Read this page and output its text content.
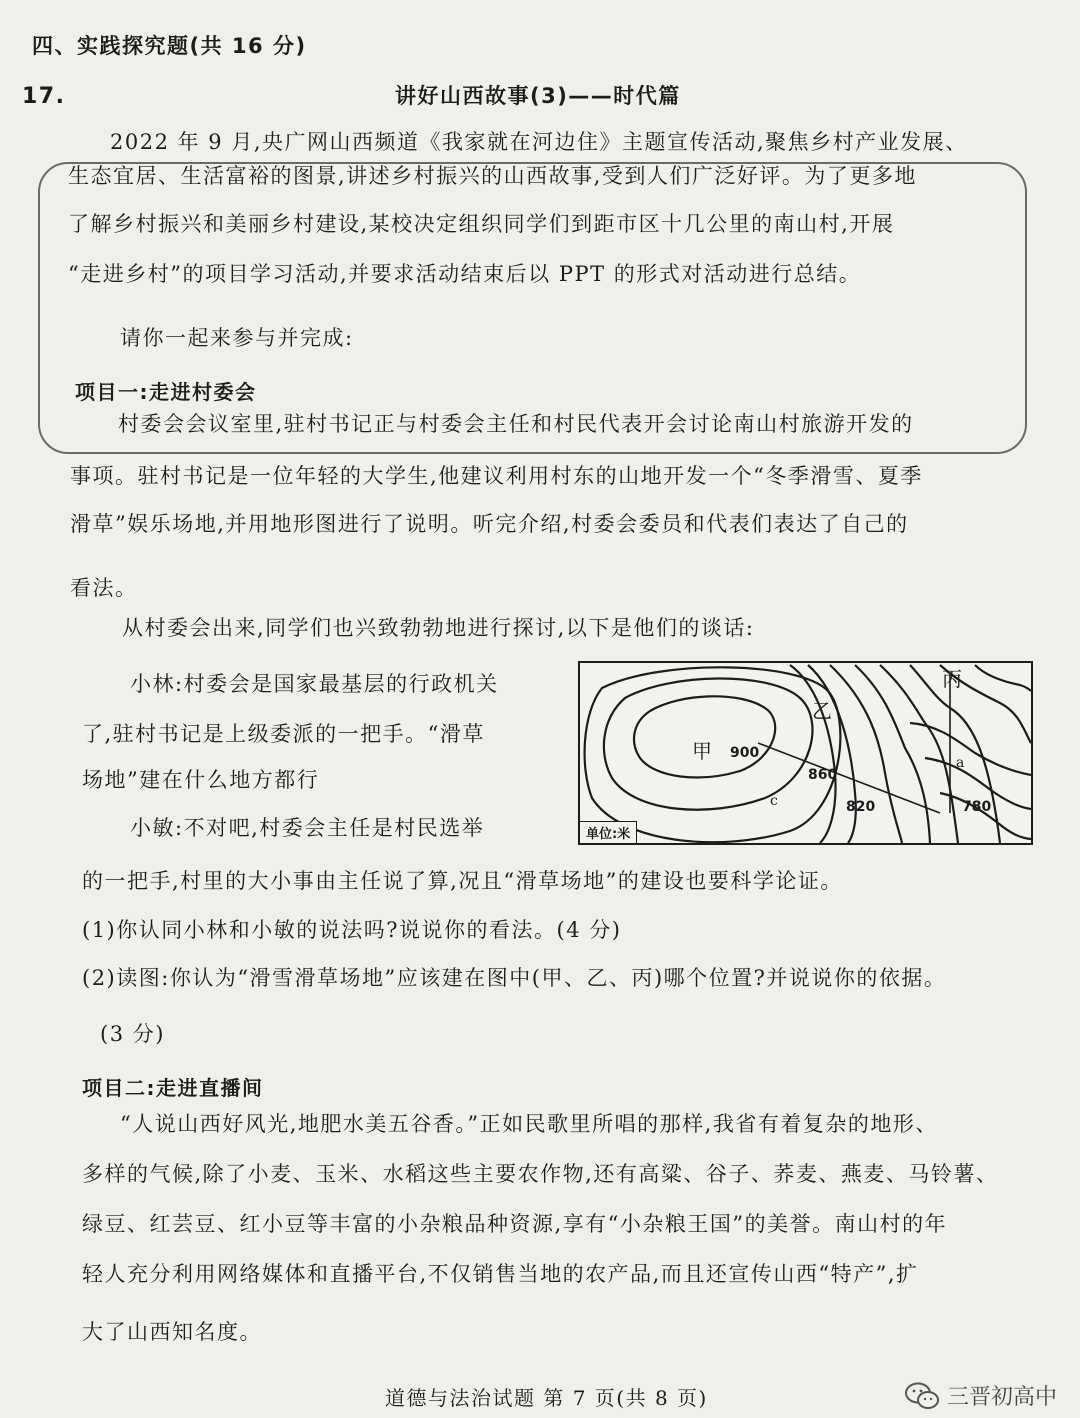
四、实践探究题(共 16 分)
17.	讲好山西故事(3)——时代篇
2022 年 9 月,央广网山西频道《我家就在河边住》主题宣传活动,聚焦乡村产业发展、
生态宜居、生活富裕的图景,讲述乡村振兴的山西故事,受到人们广泛好评。为了更多地
了解乡村振兴和美丽乡村建设,某校决定组织同学们到距市区十几公里的南山村,开展
“走进乡村”的项目学习活动,并要求活动结束后以 PPT 的形式对活动进行总结。
请你一起来参与并完成:
项目一:走进村委会
村委会会议室里,驻村书记正与村委会主任和村民代表开会讨论南山村旅游开发的
事项。驻村书记是一位年轻的大学生,他建议利用村东的山地开发一个“冬季滑雪、夏季
滑草”娱乐场地,并用地形图进行了说明。听完介绍,村委会委员和代表们表达了自己的
看法。
从村委会出来,同学们也兴致勃勃地进行探讨,以下是他们的谈话:
小林:村委会是国家最基层的行政机关
了,驻村书记是上级委派的一把手。“滑草
场地”建在什么地方都行
小敏:不对吧,村委会主任是村民选举
的一把手,村里的大小事由主任说了算,况且“滑草场地”的建设也要科学论证。
(1)你认同小林和小敏的说法吗?说说你的看法。(4 分)
(2)读图:你认为“滑雪滑草场地”应该建在图中(甲、乙、丙)哪个位置?并说说你的依据。
(3 分)
甲
乙
丙
a
c
900
860
820	780
单位:米
项目二:走进直播间
“人说山西好风光,地肥水美五谷香。”正如民歌里所唱的那样,我省有着复杂的地形、
多样的气候,除了小麦、玉米、水稻这些主要农作物,还有高粱、谷子、荞麦、燕麦、马铃薯、
绿豆、红芸豆、红小豆等丰富的小杂粮品种资源,享有“小杂粮王国”的美誉。南山村的年
轻人充分利用网络媒体和直播平台,不仅销售当地的农产品,而且还宣传山西“特产”,扩
大了山西知名度。
道德与法治试题 第 7 页(共 8 页)	三晋初高中
